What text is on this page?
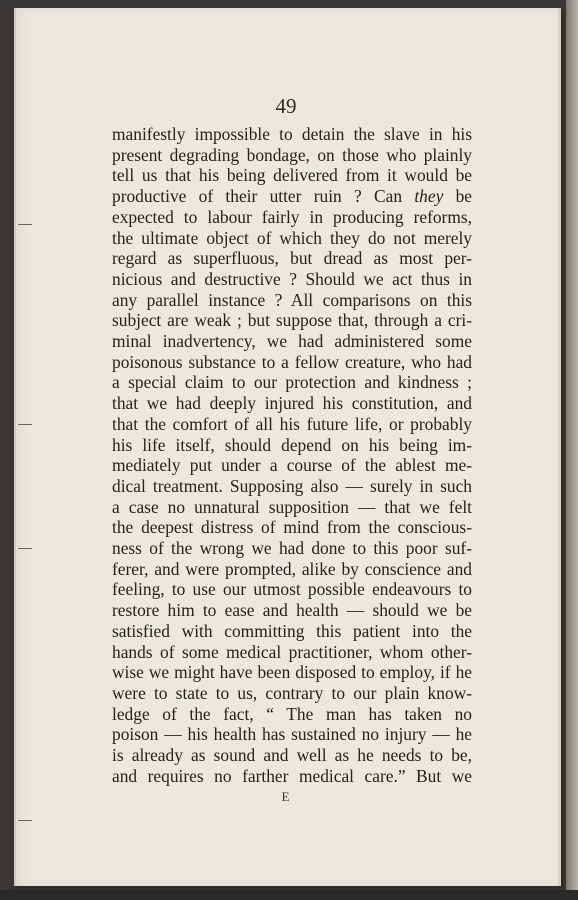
49
manifestly impossible to detain the slave in his
present degrading bondage, on those who plainly
tell us that his being delivered from it would be
productive of their utter ruin ? Can they be
expected to labour fairly in producing reforms,
the ultimate object of which they do not merely
regard as superfluous, but dread as most per-
nicious and destructive ? Should we act thus in
any parallel instance ? All comparisons on this
subject are weak ; but suppose that, through a cri-
minal inadvertency, we had administered some
poisonous substance to a fellow creature, who had
a special claim to our protection and kindness ;
that we had deeply injured his constitution, and
that the comfort of all his future life, or probably
his life itself, should depend on his being im-
mediately put under a course of the ablest me-
dical treatment. Supposing also — surely in such
a case no unnatural supposition — that we felt
the deepest distress of mind from the conscious-
ness of the wrong we had done to this poor suf-
ferer, and were prompted, alike by conscience and
feeling, to use our utmost possible endeavours to
restore him to ease and health — should we be
satisfied with committing this patient into the
hands of some medical practitioner, whom other-
wise we might have been disposed to employ, if he
were to state to us, contrary to our plain know-
ledge of the fact, “ The man has taken no
poison — his health has sustained no injury — he
is already as sound and well as he needs to be,
and requires no farther medical care.” But we
E
